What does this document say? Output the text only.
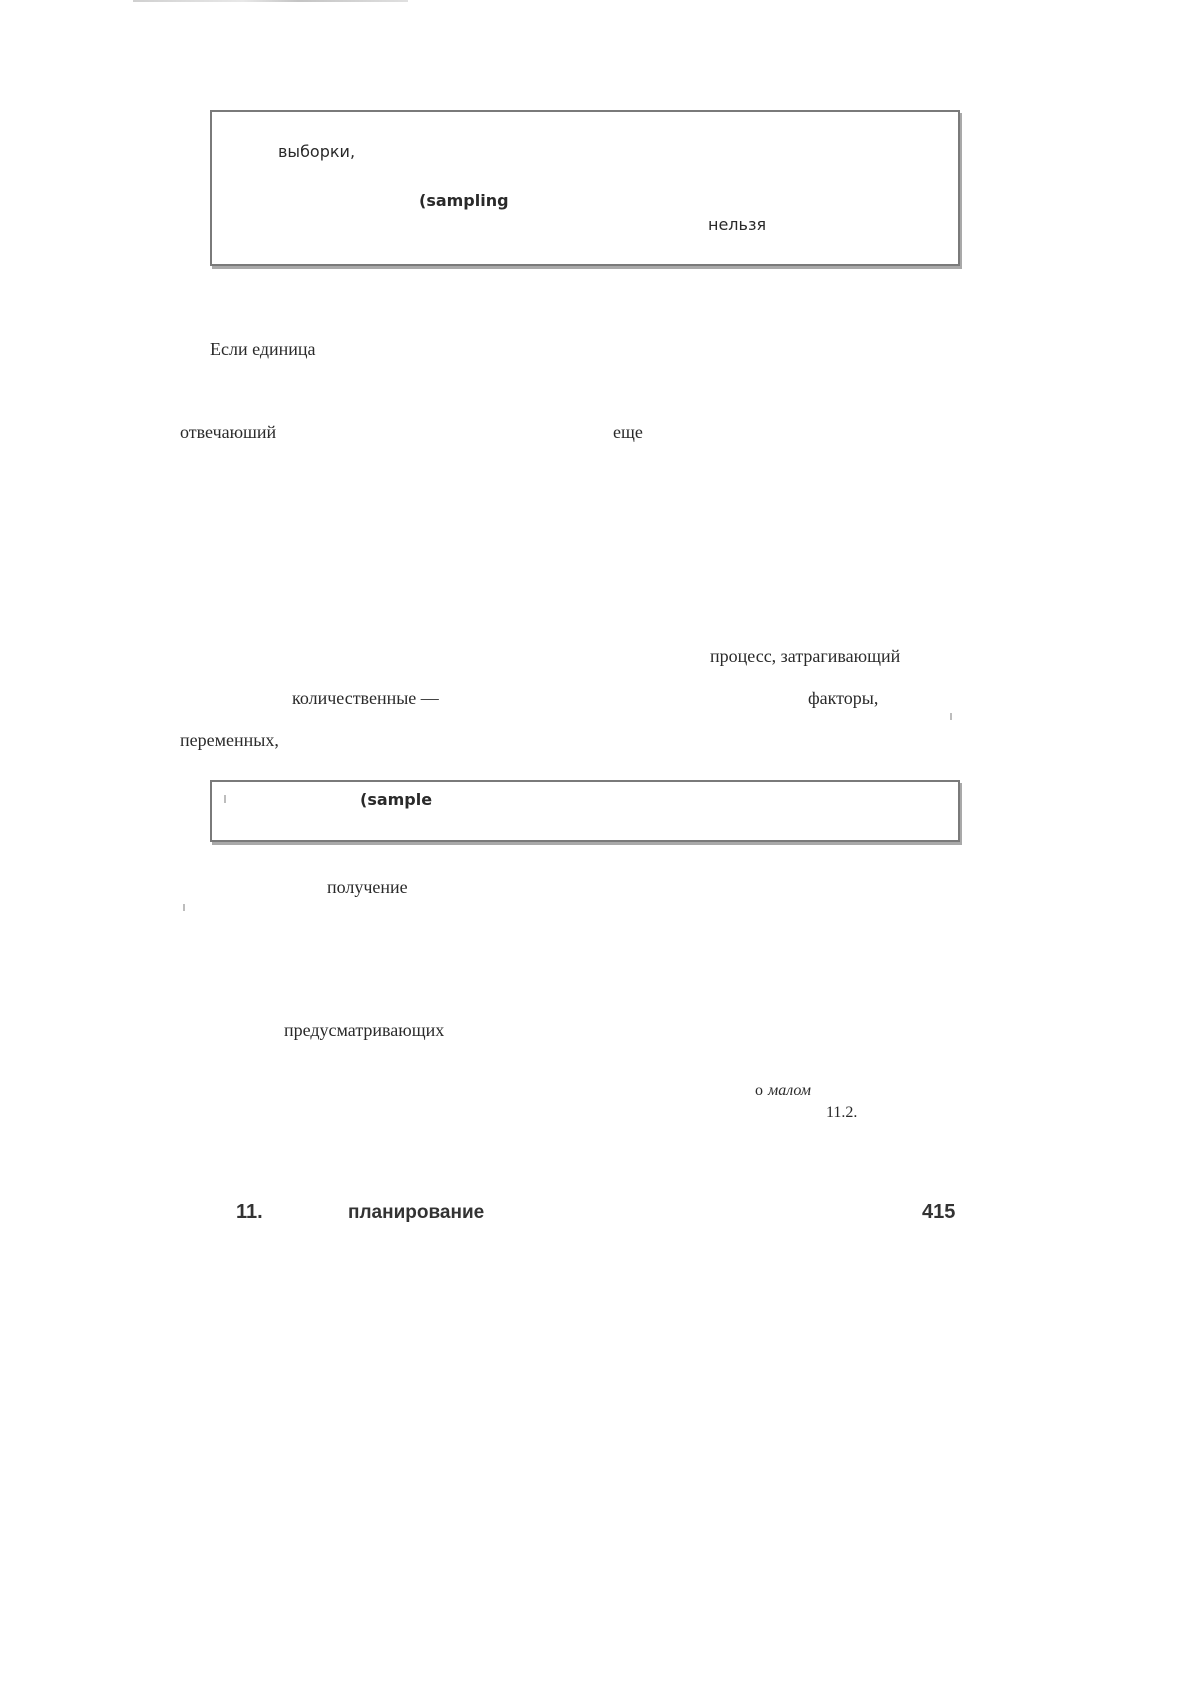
выборки,
(sampling
нельзя
Если единица
отвечаюший	еще
процесс, затрагивающий
количественные —	факторы,
переменных,
(sample
получение
предусматривающих
о малом
11.2.
11.	планирование	415
